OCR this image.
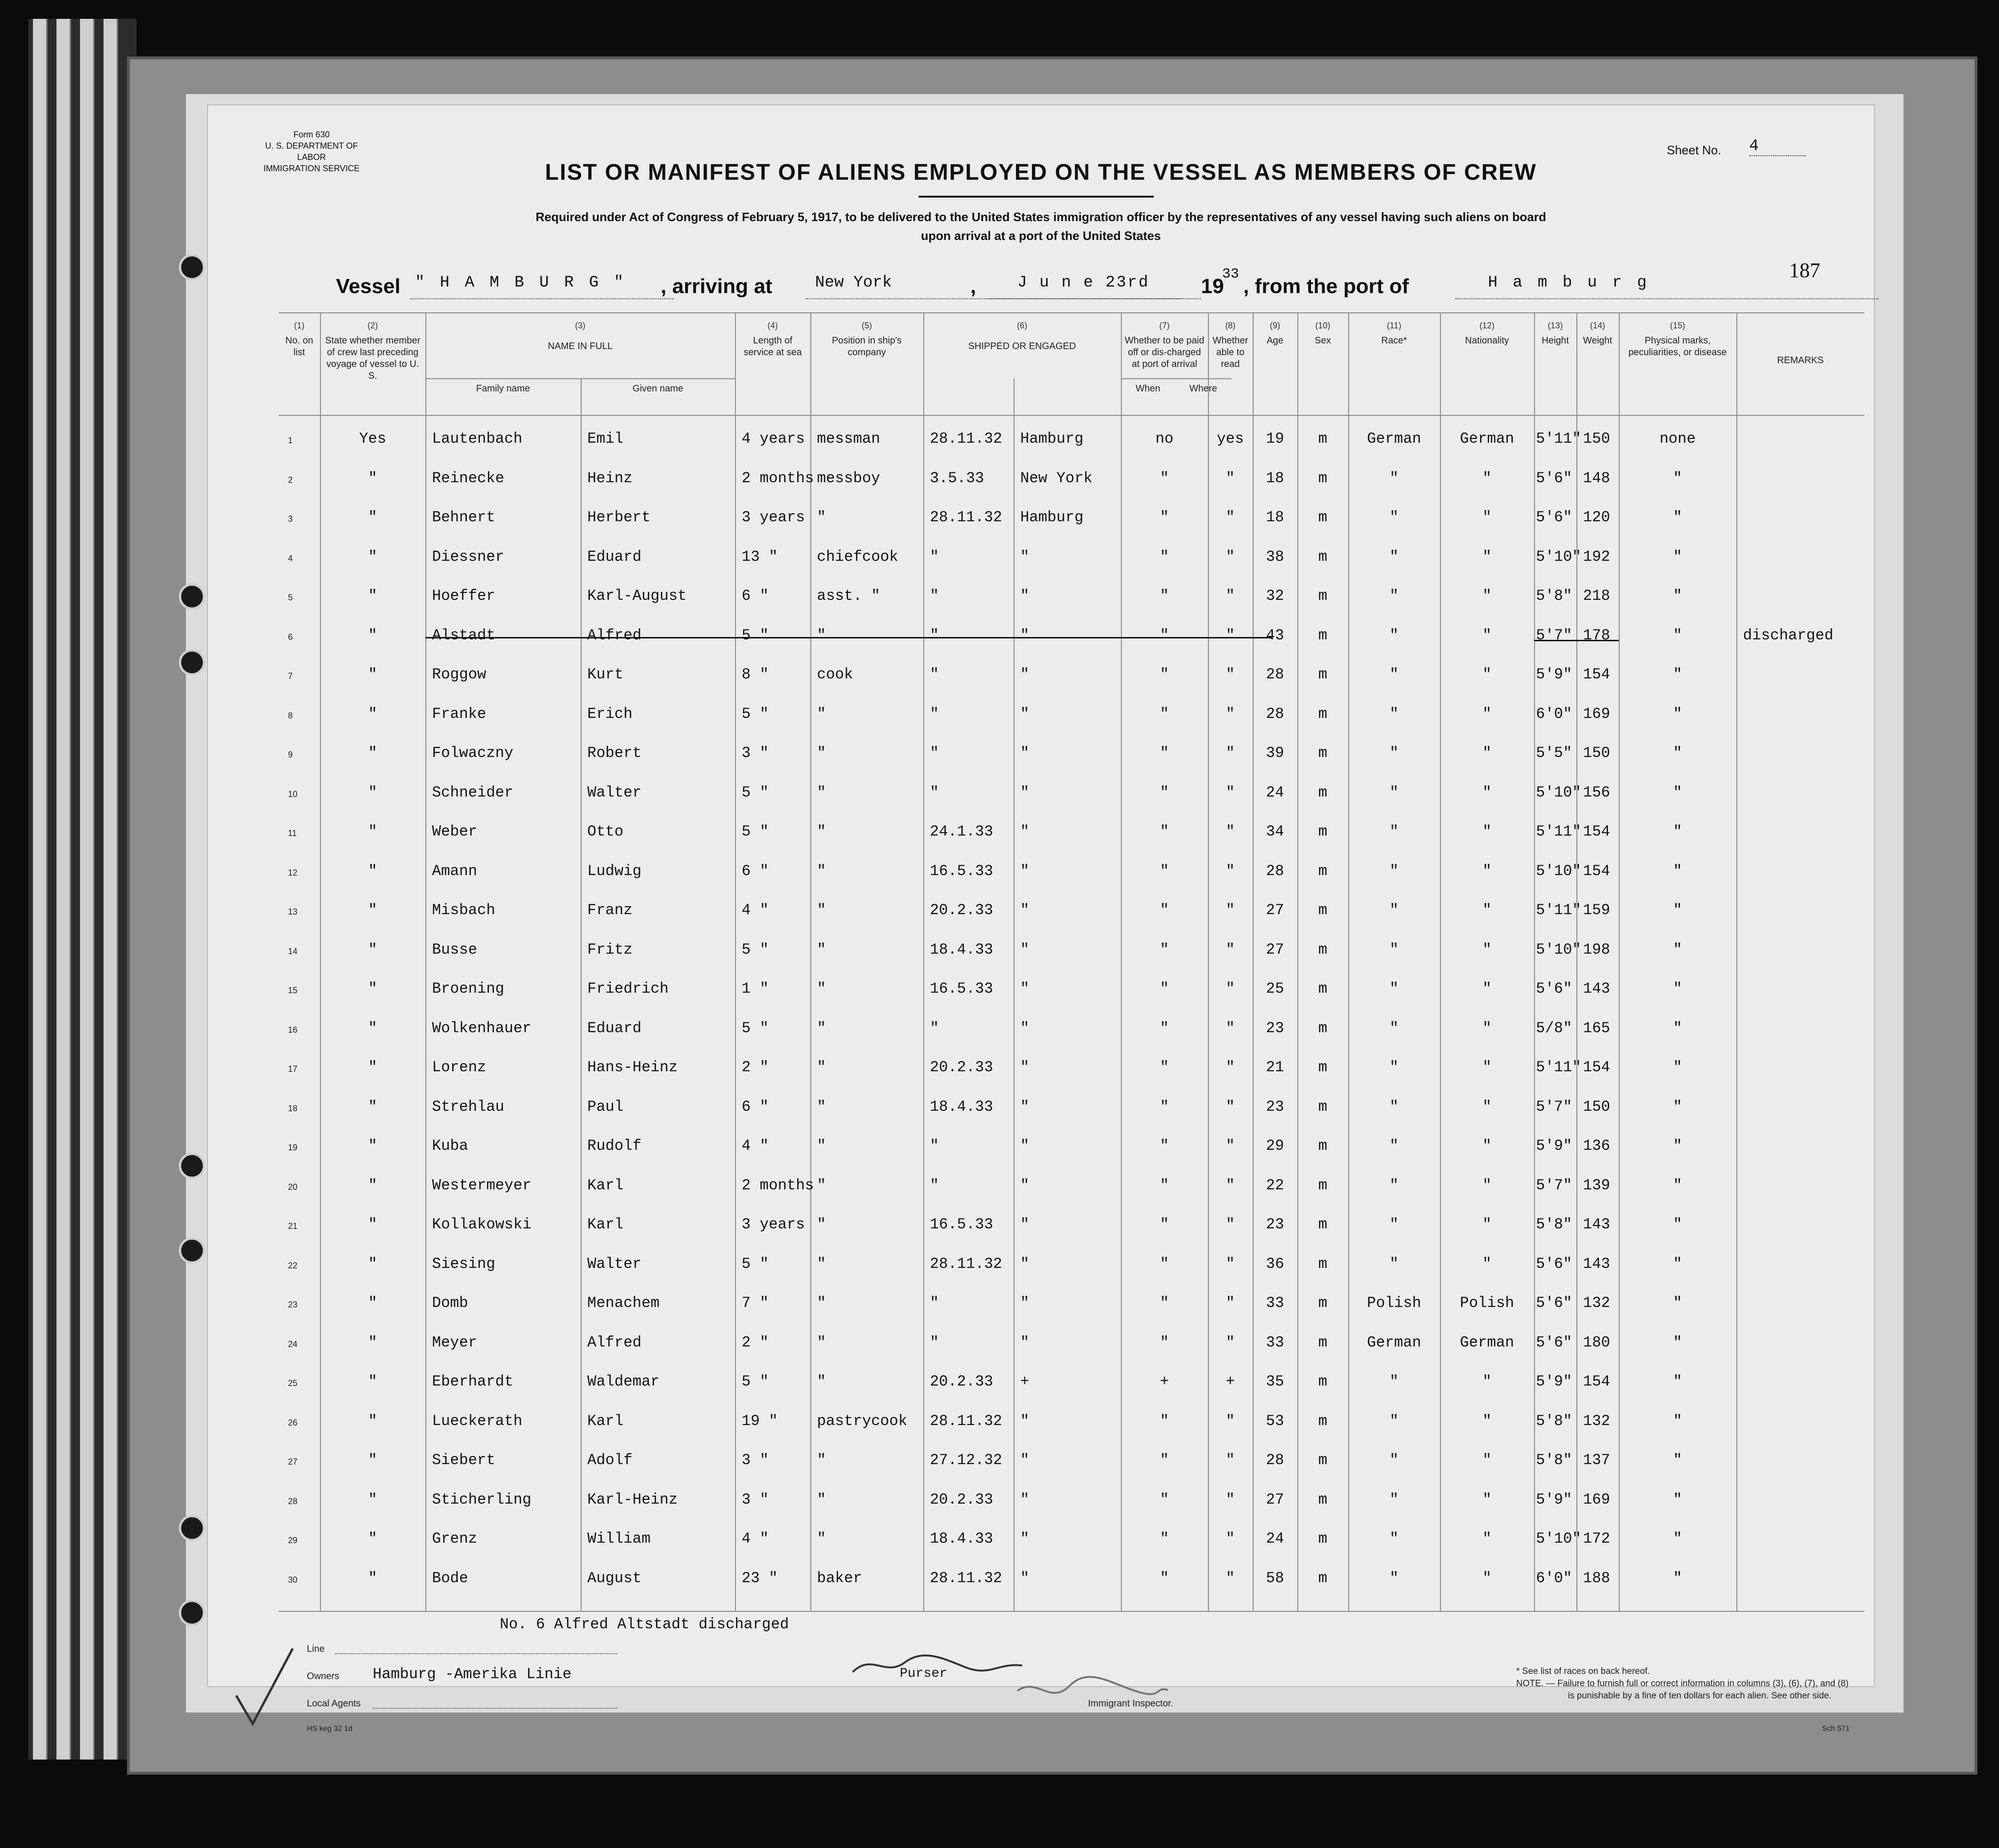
Form 630
U. S. DEPARTMENT OF LABOR
IMMIGRATION SERVICE
Sheet No. 4
LIST OR MANIFEST OF ALIENS EMPLOYED ON THE VESSEL AS MEMBERS OF CREW
Required under Act of Congress of February 5, 1917, to be delivered to the United States immigration officer by the representatives of any vessel having such aliens on board
upon arrival at a port of the United States
Vessel " H A M B U R G " , arriving at	New York	,	J u n e 23rd 19
33
, from the port of	H a m b u r g
187
(1)
No. on list
(2)
State whether member of crew last preceding voyage of vessel to U. S.
(3)
NAME IN FULL
(4)
Length of service at sea
(5)
Position in ship's company
(6)
SHIPPED OR ENGAGED
(7)
Whether to be paid off or dis-charged at port of arrival
(8)
Whether able to read
(9)
Age
(10)
Sex
(11)
Race*
(12)
Nationality
(13)
Height
(14)
Weight
(15)
Physical marks, peculiarities, or disease
REMARKS
Family name	Given name	When	Where
1	Yes	Lautenbach	Emil	4 years messman	28.11.32 Hamburg	no	yes	19	m	German	German	5'11" 150	none
2	"	Reinecke	Heinz	2 months messboy	3.5.33 New York	"	"	18	m	"	"	5'6" 148	"
3	"	Behnert	Herbert	3 years "	28.11.32 Hamburg	"	"	18	m	"	"	5'6" 120	"
4	"	Diessner	Eduard	13 "	chiefcook "	"	"	"	38	m	"	"	5'10" 192	"
5	"	Hoeffer	Karl-August	6 "	asst. "	"	"	"	"	32	m	"	"	5'8" 218	"
6	"	Alstadt	Alfred	5 "	"	"	"	"	"	43	m	"	"	5'7" 178	"	discharged
7	"	Roggow	Kurt	8 "	cook	"	"	"	"	28	m	"	"	5'9" 154	"
8	"	Franke	Erich	5 "	"	"	"	"	"	28	m	"	"	6'0" 169	"
9	"	Folwaczny	Robert	3 "	"	"	"	"	"	39	m	"	"	5'5" 150	"
10	"	Schneider	Walter	5 "	"	"	"	"	"	24	m	"	"	5'10" 156	"
11	"	Weber	Otto	5 "	"	24.1.33 "	"	"	34	m	"	"	5'11" 154	"
12	"	Amann	Ludwig	6 "	"	16.5.33 "	"	"	28	m	"	"	5'10" 154	"
13	"	Misbach	Franz	4 "	"	20.2.33 "	"	"	27	m	"	"	5'11" 159	"
14	"	Busse	Fritz	5 "	"	18.4.33 "	"	"	27	m	"	"	5'10" 198	"
15	"	Broening	Friedrich	1 "	"	16.5.33 "	"	"	25	m	"	"	5'6" 143	"
16	"	Wolkenhauer	Eduard	5 "	"	"	"	"	"	23	m	"	"	5/8" 165	"
17	"	Lorenz	Hans-Heinz	2 "	"	20.2.33 "	"	"	21	m	"	"	5'11" 154	"
18	"	Strehlau	Paul	6 "	"	18.4.33 "	"	"	23	m	"	"	5'7" 150	"
19	"	Kuba	Rudolf	4 "	"	"	"	"	"	29	m	"	"	5'9" 136	"
20	"	Westermeyer	Karl	2 months "	"	"	"	"	22	m	"	"	5'7" 139	"
21	"	Kollakowski	Karl	3 years "	16.5.33 "	"	"	23	m	"	"	5'8" 143	"
22	"	Siesing	Walter	5 "	"	28.11.32 "	"	"	36	m	"	"	5'6" 143	"
23	"	Domb	Menachem	7 "	"	"	"	"	"	33	m	Polish	Polish	5'6" 132	"
24	"	Meyer	Alfred	2 "	"	"	"	"	"	33	m	German	German	5'6" 180	"
25	"	Eberhardt	Waldemar	5 "	"	20.2.33 +	+	+	35	m	"	"	5'9" 154	"
26	"	Lueckerath	Karl	19 "	pastrycook 28.11.32 "	"	"	53	m	"	"	5'8" 132	"
27	"	Siebert	Adolf	3 "	"	27.12.32 "	"	"	28	m	"	"	5'8" 137	"
28	"	Sticherling	Karl-Heinz	3 "	"	20.2.33 "	"	"	27	m	"	"	5'9" 169	"
29	"	Grenz	William	4 "	"	18.4.33 "	"	"	24	m	"	"	5'10" 172	"
30	"	Bode	August	23 "	baker	28.11.32 "	"	"	58	m	"	"	6'0" 188	"
No. 6 Alfred Altstadt discharged
Line
Owners Hamburg -Amerika Linie
Local Agents
Purser
Immigrant Inspector.
* See list of races on back hereof.
NOTE. — Failure to furnish full or correct information in columns (3), (6), (7), and (8)
is punishable by a fine of ten dollars for each alien. See other side.
HS keg 32 1d	Sch 571
